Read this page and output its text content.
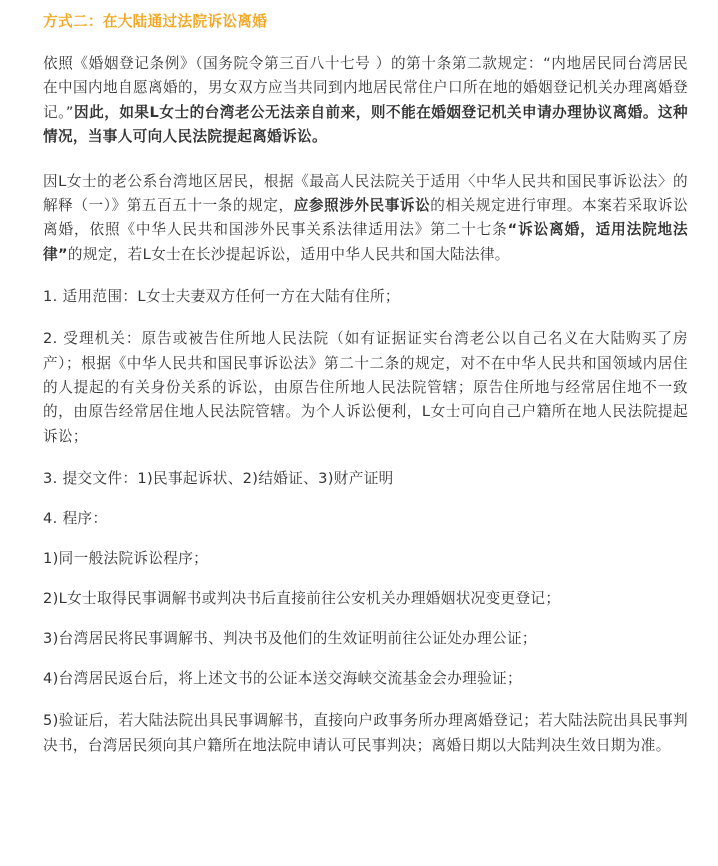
方式二：在大陆通过法院诉讼离婚

依照《婚姻登记条例》（国务院令第三百八十七号 ）的第十条第二款规定：“内地居民同台湾居民在中国内地自愿离婚的，男女双方应当共同到内地居民常住户口所在地的婚姻登记机关办理离婚登记。”因此，如果L女士的台湾老公无法亲自前来，则不能在婚姻登记机关申请办理协议离婚。这种情况，当事人可向人民法院提起离婚诉讼。

因L女士的老公系台湾地区居民，根据《最高人民法院关于适用〈中华人民共和国民事诉讼法〉的解释（一）》第五百五十一条的规定，应参照涉外民事诉讼的相关规定进行审理。本案若采取诉讼离婚，依照《中华人民共和国涉外民事关系法律适用法》第二十七条“诉讼离婚，适用法院地法律”的规定，若L女士在长沙提起诉讼，适用中华人民共和国大陆法律。

1. 适用范围：L女士夫妻双方任何一方在大陆有住所；

2. 受理机关：原告或被告住所地人民法院（如有证据证实台湾老公以自己名义在大陆购买了房产）；根据《中华人民共和国民事诉讼法》第二十二条的规定，对不在中华人民共和国领域内居住的人提起的有关身份关系的诉讼，由原告住所地人民法院管辖；原告住所地与经常居住地不一致的，由原告经常居住地人民法院管辖。为个人诉讼便利，L女士可向自己户籍所在地人民法院提起诉讼；

3. 提交文件：1)民事起诉状、2)结婚证、3)财产证明

4. 程序：

1)同一般法院诉讼程序；

2)L女士取得民事调解书或判决书后直接前往公安机关办理婚姻状况变更登记；

3)台湾居民将民事调解书、判决书及他们的生效证明前往公证处办理公证；

4)台湾居民返台后，将上述文书的公证本送交海峡交流基金会办理验证；

5)验证后，若大陆法院出具民事调解书，直接向户政事务所办理离婚登记；若大陆法院出具民事判决书，台湾居民须向其户籍所在地法院申请认可民事判决；离婚日期以大陆判决生效日期为准。
